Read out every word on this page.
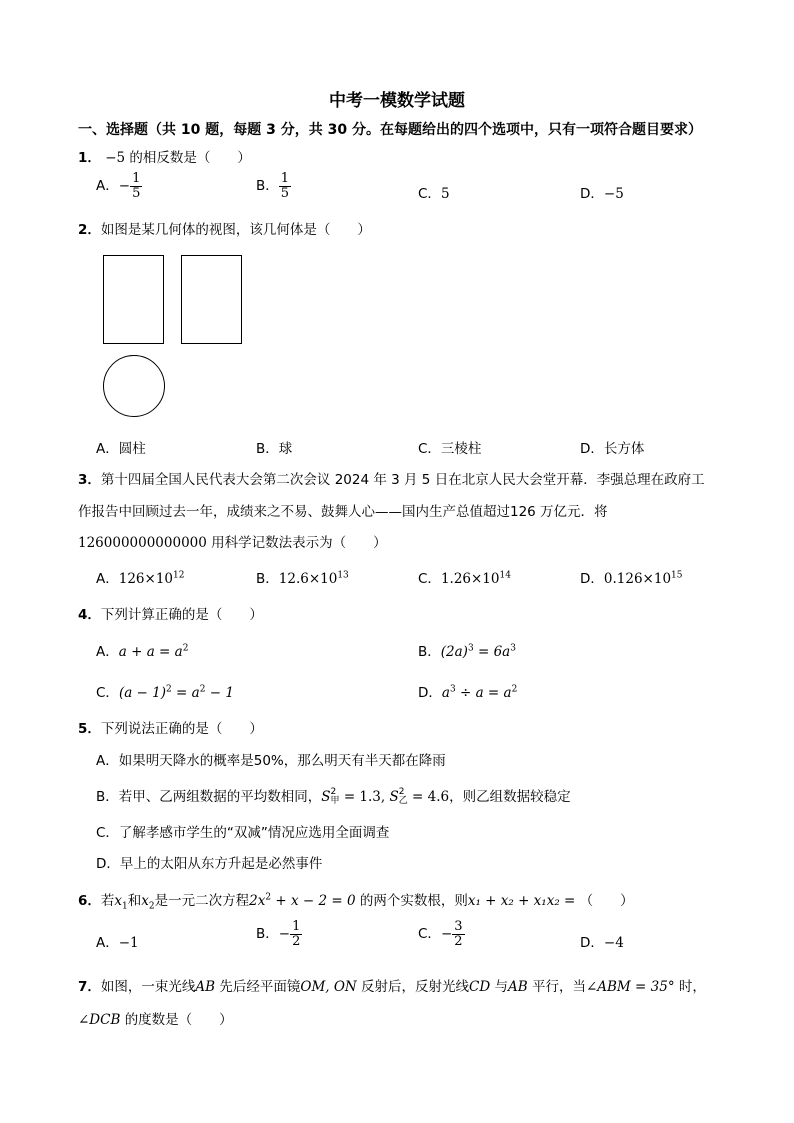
中考一模数学试题
一、选择题（共 10 题，每题 3 分，共 30 分。在每题给出的四个选项中，只有一项符合题目要求）
1． −5 的相反数是（　　）
A．− $\frac{1}{5}$	B． $\frac{1}{5}$	C．5	D．−5
2．如图是某几何体的视图，该几何体是（　　）
A．圆柱	B．球	C．三棱柱	D．长方体
3．第十四届全国人民代表大会第二次会议 2024 年 3 月 5 日在北京人民大会堂开幕．李强总理在政府工
作报告中回顾过去一年，成绩来之不易、鼓舞人心——国内生产总值超过126 万亿元．将
126000000000000 用科学记数法表示为（　　）
A．$126\times 10^{12}$	B．$12.6\times 10^{13}$	C．$1.26\times 10^{14}$	D．$0.126\times 10^{15}$
4．下列计算正确的是（　　）
A．$a + a = a^2$	B．$(2a)^3 = 6a^3$
C．$(a - 1)^2 = a^2 - 1$	D．$a^3 \div a = a^2$
5．下列说法正确的是（　　）
A．如果明天降水的概率是50%，那么明天有半天都在降雨
B．若甲、乙两组数据的平均数相同，S 2
甲 = 1.3, S 2
乙 = 4.6，则乙组数据较稳定
C．了解孝感市学生的“双减”情况应选用全面调查
D．早上的太阳从东方升起是必然事件
6．若$x_1$和$x_2$是一元二次方程$2x^2 + x - 2 = 0$ 的两个实数根，则x₁ + x₂ + x₁x₂ = （　　）
A．−1
B．− $\frac{1}{2}$	C．− $\frac{3}{2}$	D．−4
7．如图，一束光线AB 先后经平面镜OM, ON 反射后，反射光线CD 与AB 平行，当∠ABM = 35° 时，
∠DCB 的度数是（　　）
